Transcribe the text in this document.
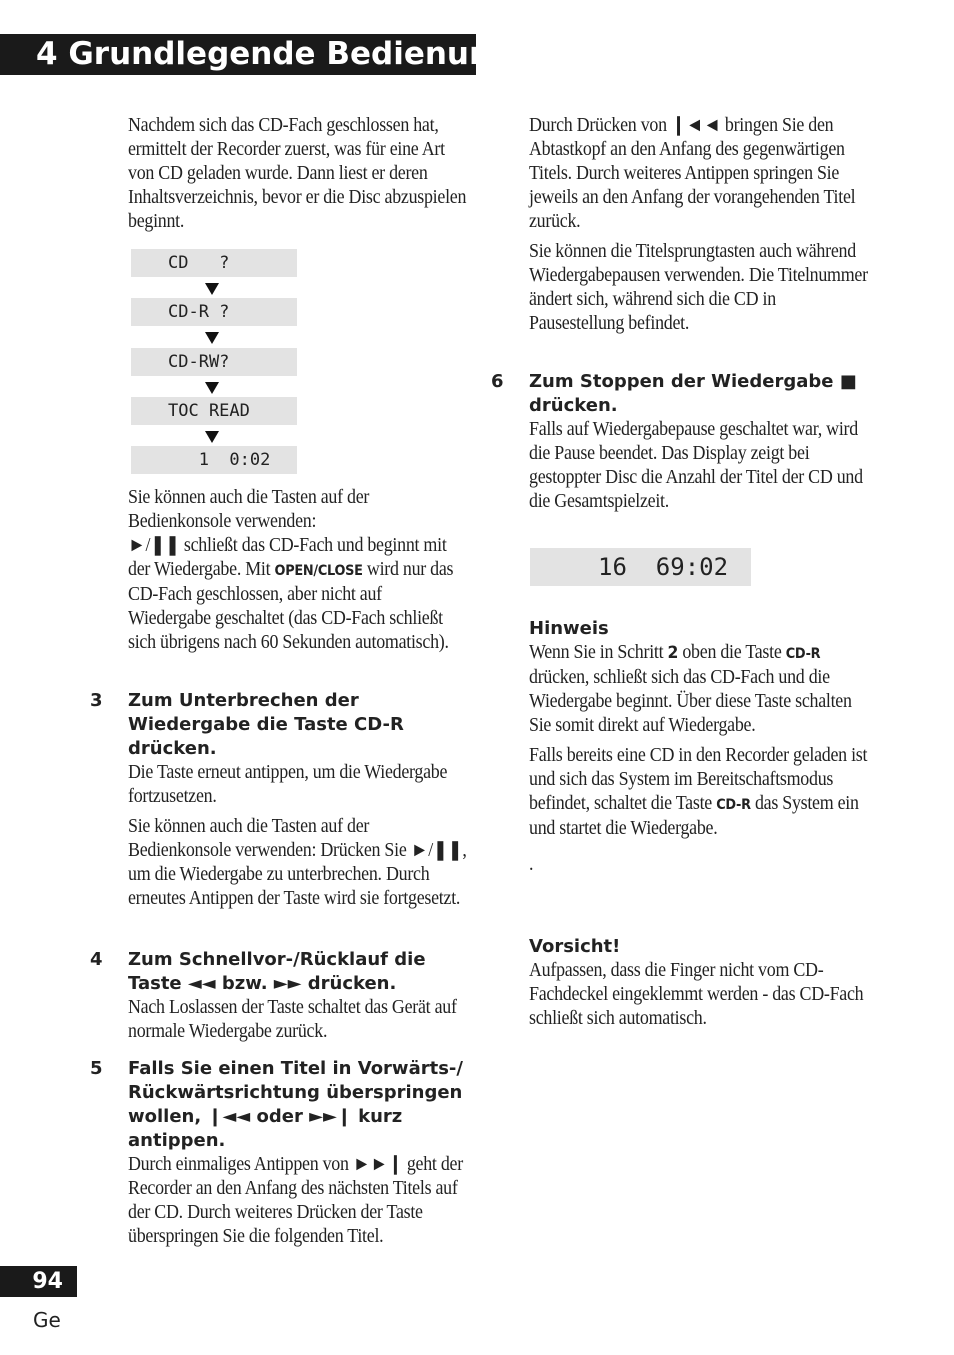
4 Grundlegende Bedienung

Nachdem sich das CD-Fach geschlossen hat, ermittelt der Recorder zuerst, was für eine Art von CD geladen wurde. Dann liest er deren Inhaltsverzeichnis, bevor er die Disc abzuspielen beginnt.

CD   ?
CD-R ?
CD-RW?
TOC READ
1  0:02

Sie können auch die Tasten auf der Bedienkonsole verwenden:
►/❚❚ schließt das CD-Fach und beginnt mit der Wiedergabe. Mit OPEN/CLOSE wird nur das CD-Fach geschlossen, aber nicht auf Wiedergabe geschaltet (das CD-Fach schließt sich übrigens nach 60 Sekunden automatisch).

3 Zum Unterbrechen der Wiedergabe die Taste CD-R drücken.

Die Taste erneut antippen, um die Wiedergabe fortzusetzen.

Sie können auch die Tasten auf der Bedienkonsole verwenden: Drücken Sie ►/❚❚, um die Wiedergabe zu unterbrechen. Durch erneutes Antippen der Taste wird sie fortgesetzt.

4 Zum Schnellvor-/Rücklauf die Taste ◄◄ bzw. ►► drücken.

Nach Loslassen der Taste schaltet das Gerät auf normale Wiedergabe zurück.

5 Falls Sie einen Titel in Vorwärts-/ Rückwärtsrichtung überspringen wollen, ❙◄◄ oder ►►❙ kurz antippen.

Durch einmaliges Antippen von ►►❙ geht der Recorder an den Anfang des nächsten Titels auf der CD. Durch weiteres Drücken der Taste überspringen Sie die folgenden Titel.

Durch Drücken von ❙◄◄ bringen Sie den Abtastkopf an den Anfang des gegenwärtigen Titels. Durch weiteres Antippen springen Sie jeweils an den Anfang der vorangehenden Titel zurück.

Sie können die Titelsprungtasten auch während Wiedergabepausen verwenden. Die Titelnummer ändert sich, während sich die CD in Pausestellung befindet.

6 Zum Stoppen der Wiedergabe ■ drücken.

Falls auf Wiedergabepause geschaltet war, wird die Pause beendet. Das Display zeigt bei gestoppter Disc die Anzahl der Titel der CD und die Gesamtspielzeit.

16  69:02

Hinweis

Wenn Sie in Schritt 2 oben die Taste CD-R drücken, schließt sich das CD-Fach und die Wiedergabe beginnt. Über diese Taste schalten Sie somit direkt auf Wiedergabe.

Falls bereits eine CD in den Recorder geladen ist und sich das System im Bereitschaftsmodus befindet, schaltet die Taste CD-R das System ein und startet die Wiedergabe.

.

Vorsicht!

Aufpassen, dass die Finger nicht vom CD-Fachdeckel eingeklemmt werden - das CD-Fach schließt sich automatisch.

94
Ge
